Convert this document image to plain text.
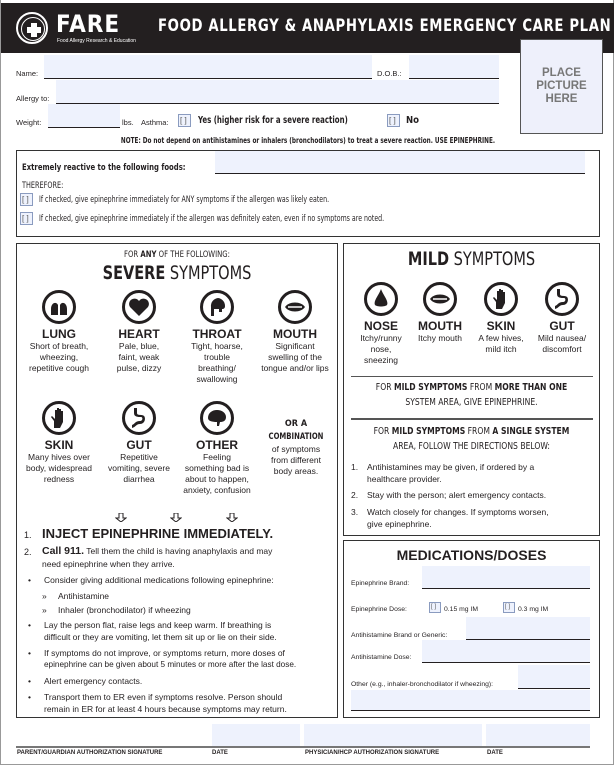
FARE
Food Allergy Research & Education
FOOD ALLERGY & ANAPHYLAXIS EMERGENCY CARE PLAN
PLACE
PICTURE
HERE
Name:	D.O.B.:
Allergy to:
Weight:	lbs. Asthma: [ ]	Yes (higher risk for a severe reaction)	[ ]	No
NOTE: Do not depend on antihistamines or inhalers (bronchodilators) to treat a severe reaction. USE EPINEPHRINE.
Extremely reactive to the following foods:
THEREFORE:
[ ]	If checked, give epinephrine immediately for ANY symptoms if the allergen was likely eaten.
[ ]	If checked, give epinephrine immediately if the allergen was definitely eaten, even if no symptoms are noted.
FOR ANY OF THE FOLLOWING:
SEVERE SYMPTOMS
LUNG
Short of breath,
wheezing,
repetitive cough
HEART
Pale, blue,
faint, weak
pulse, dizzy
THROAT
Tight, hoarse,
trouble
breathing/
swallowing
MOUTH
Significant
swelling of the
tongue and/or lips
SKIN
Many hives over
body, widespread
redness
GUT
Repetitive
vomiting, severe
diarrhea
OTHER
Feeling
something bad is
about to happen,
anxiety, confusion
OR A
COMBINATION
of symptoms
from different
body areas.
1. INJECT EPINEPHRINE IMMEDIATELY.
2. Call 911. Tell them the child is having anaphylaxis and may
need epinephrine when they arrive.
• Consider giving additional medications following epinephrine:
» Antihistamine
» Inhaler (bronchodilator) if wheezing
• Lay the person flat, raise legs and keep warm. If breathing is
difficult or they are vomiting, let them sit up or lie on their side.
• If symptoms do not improve, or symptoms return, more doses of
epinephrine can be given about 5 minutes or more after the last dose.
• Alert emergency contacts.
• Transport them to ER even if symptoms resolve. Person should
remain in ER for at least 4 hours because symptoms may return.
MILD SYMPTOMS
NOSE
Itchy/runny
nose,
sneezing
MOUTH
Itchy mouth
SKIN
A few hives,
mild itch
GUT
Mild nausea/
discomfort
FOR MILD SYMPTOMS FROM MORE THAN ONE
SYSTEM AREA, GIVE EPINEPHRINE.
FOR MILD SYMPTOMS FROM A SINGLE SYSTEM
AREA, FOLLOW THE DIRECTIONS BELOW:
1. Antihistamines may be given, if ordered by a
healthcare provider.
2. Stay with the person; alert emergency contacts.
3. Watch closely for changes. If symptoms worsen,
give epinephrine.
MEDICATIONS/DOSES
Epinephrine Brand:
Epinephrine Dose:	[ ]	0.15 mg IM	[ ]	0.3 mg IM
Antihistamine Brand or Generic:
Antihistamine Dose:
Other (e.g., inhaler-bronchodilator if wheezing):
PARENT/GUARDIAN AUTHORIZATION SIGNATURE	DATE	PHYSICIAN/HCP AUTHORIZATION SIGNATURE	DATE
